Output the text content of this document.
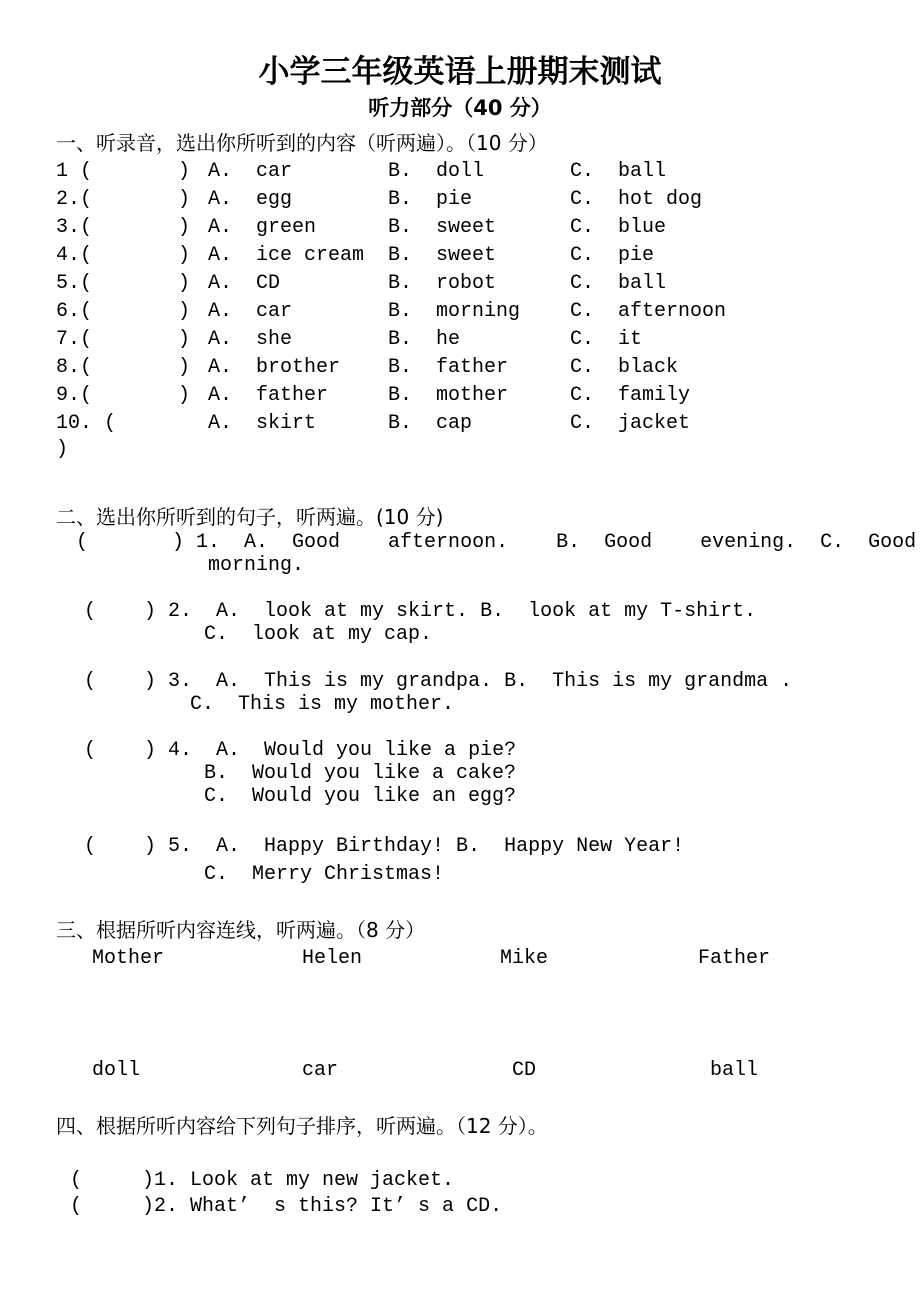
小学三年级英语上册期末测试
听力部分（40 分）
一、听录音，选出你所听到的内容（听两遍）。（10 分）
1 (	) A.  car	B.  doll	C.  ball
2.(	) A.  egg	B.  pie	C.  hot dog
3.(	) A.  green	B.  sweet	C.  blue
4.(	) A.  ice cream B.  sweet	C.  pie
5.(	) A.  CD	B.  robot	C.  ball
6.(	) A.  car	B.  morning C.  afternoon
7.(	) A.  she	B.  he	C.  it
8.(	) A.  brother B.  father	C.  black
9.(	) A.  father	B.  mother	C.  family
10. (	A.  skirt	B.  cap	C.  jacket
)
二、选出你所听到的句子，听两遍。(10 分)
(       ) 1.  A.  Good    afternoon.    B.  Good    evening.  C.  Good
morning.
(    ) 2.  A.  look at my skirt. B.  look at my T-shirt.
C.  look at my cap.
(    ) 3.  A.  This is my grandpa. B.  This is my grandma .
C.  This is my mother.
(    ) 4.  A.  Would you like a pie?
B.  Would you like a cake?
C.  Would you like an egg?
(    ) 5.  A.  Happy Birthday! B.  Happy New Year!
C.  Merry Christmas!
三、根据所听内容连线，听两遍。（8 分）
Mother	Helen	Mike	Father
doll	car	CD	ball
四、根据所听内容给下列句子排序，听两遍。（12 分）。
(     )1. Look at my new jacket.
(     )2. What’  s this? It’ s a CD.
